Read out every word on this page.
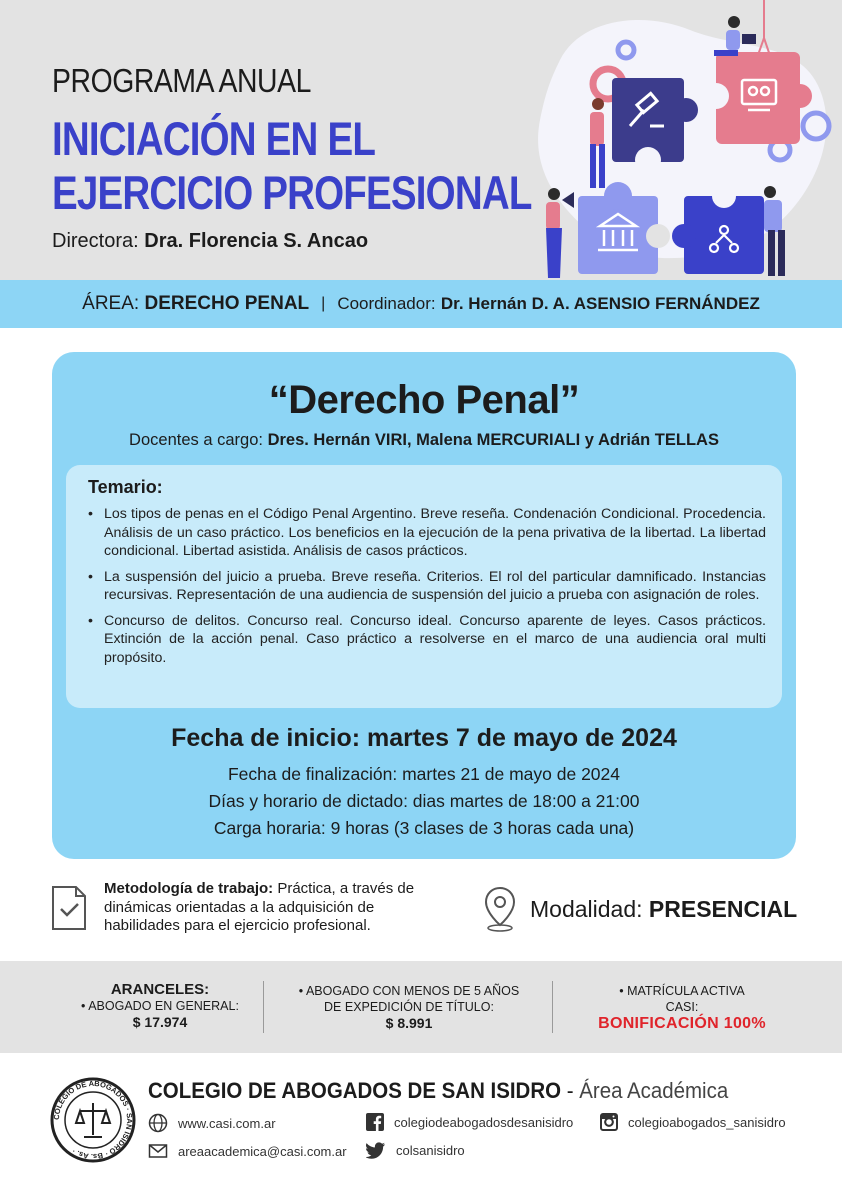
PROGRAMA ANUAL
INICIACIÓN EN EL
EJERCICIO PROFESIONAL
Directora: Dra. Florencia S. Ancao
ÁREA:
DERECHO PENAL | Coordinador:
Dr. Hernán D. A. ASENSIO FERNÁNDEZ
“Derecho Penal”
Docentes a cargo: Dres. Hernán VIRI, Malena MERCURIALI y Adrián TELLAS
Temario:
• Los tipos de penas en el Código Penal Argentino. Breve reseña. Condenación Condicional. Procedencia. Análisis de un caso práctico. Los beneficios en la ejecución de la pena privativa de la libertad. La libertad condicional. Libertad asistida. Análisis de casos prácticos.
• La suspensión del juicio a prueba. Breve reseña. Criterios. El rol del particular damnificado. Instancias recursivas. Representación de una audiencia de suspensión del juicio a prueba con asignación de roles.
• Concurso de delitos. Concurso real. Concurso ideal. Concurso aparente de leyes. Casos prácticos. Extinción de la acción penal. Caso práctico a resolverse en el marco de una audiencia oral multi propósito.
Fecha de inicio: martes 7 de mayo de 2024
Fecha de finalización: martes 21 de mayo de 2024
Días y horario de dictado: dias martes de 18:00 a 21:00
Carga horaria: 9 horas (3 clases de 3 horas cada una)
Metodología de trabajo: Práctica, a través de dinámicas orientadas a la adquisición de habilidades para el ejercicio profesional.
Modalidad: PRESENCIAL
ARANCELES:
• ABOGADO EN GENERAL:
$ 17.974
• ABOGADO CON MENOS DE 5 AÑOS
DE EXPEDICIÓN DE TÍTULO:
$ 8.991
• MATRÍCULA ACTIVA
CASI:
BONIFICACIÓN 100%
COLEGIO DE ABOGADOS · SAN ISIDRO · Bs. As. ·
COLEGIO DE ABOGADOS DE SAN ISIDRO - Área Académica
www.casi.com.ar
areaacademica@casi.com.ar
colegiodeabogadosdesanisidro
colsanisidro
colegioabogados_sanisidro
